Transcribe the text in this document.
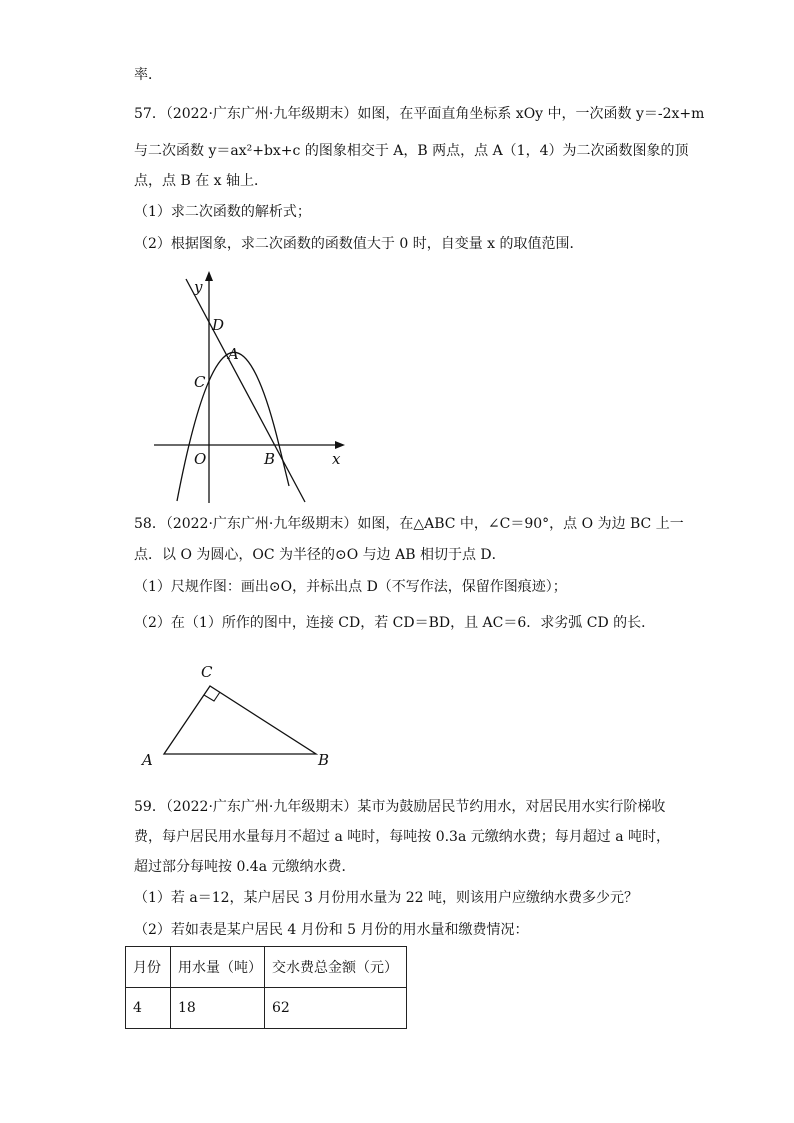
率．
57．（2022·广东广州·九年级期末）如图，在平面直角坐标系 xOy 中，一次函数 y＝-2x+m
与二次函数 y＝ax²+bx+c 的图象相交于 A，B 两点，点 A（1，4）为二次函数图象的顶
点，点 B 在 x 轴上．
（1）求二次函数的解析式；
（2）根据图象，求二次函数的函数值大于 0 时，自变量 x 的取值范围．
y
D
A
C
O	B	x
58．（2022·广东广州·九年级期末）如图，在△ABC 中，∠C＝90°，点 O 为边 BC 上一
点．以 O 为圆心，OC 为半径的⊙O 与边 AB 相切于点 D．
（1）尺规作图：画出⊙O，并标出点 D（不写作法，保留作图痕迹）；
（2）在（1）所作的图中，连接 CD，若 CD＝BD，且 AC＝6．求劣弧 CD 的长．
C
A	B
59．（2022·广东广州·九年级期末）某市为鼓励居民节约用水，对居民用水实行阶梯收
费，每户居民用水量每月不超过 a 吨时，每吨按 0.3a 元缴纳水费；每月超过 a 吨时，
超过部分每吨按 0.4a 元缴纳水费．
（1）若 a＝12，某户居民 3 月份用水量为 22 吨，则该用户应缴纳水费多少元？
（2）若如表是某户居民 4 月份和 5 月份的用水量和缴费情况：
月份	用水量（吨）	交水费总金额（元）
4	18	62
